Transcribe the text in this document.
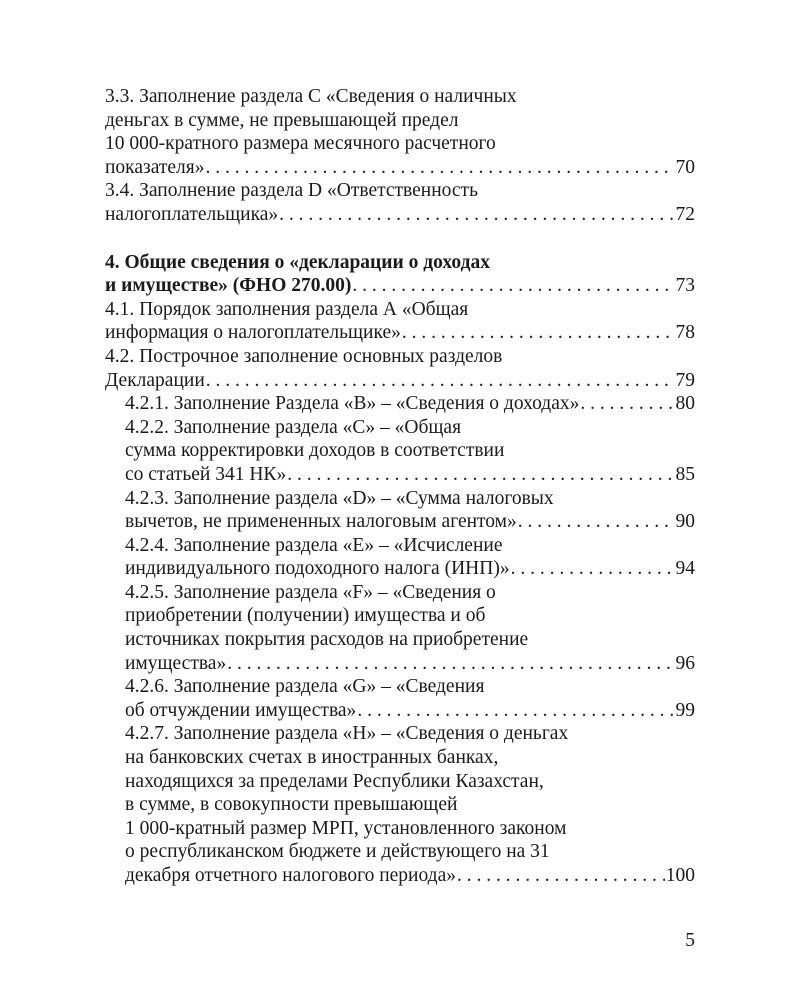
3.3. Заполнение раздела С «Сведения о наличных
деньгах в сумме, не превышающей предел
10 000-кратного размера месячного расчетного
показателя» . . .	70
3.4. Заполнение раздела D «Ответственность
налогоплательщика» . . .	72
4. Общие сведения о «декларации о доходах
и имуществе» (ФНО 270.00) . . .	73
4.1. Порядок заполнения раздела А «Общая
информация о налогоплательщике» . . .	78
4.2. Построчное заполнение основных разделов
Декларации . . .	79
4.2.1. Заполнение Раздела «В» – «Сведения о доходах» . . .	80
4.2.2. Заполнение раздела «С» – «Общая
сумма корректировки доходов в соответствии
со статьей 341 НК» . . .	85
4.2.3. Заполнение раздела «D» – «Сумма налоговых
вычетов, не примененных налоговым агентом» . . .	90
4.2.4. Заполнение раздела «Е» – «Исчисление
индивидуального подоходного налога (ИНП)» . . .	94
4.2.5. Заполнение раздела «F» – «Сведения о
приобретении (получении) имущества и об
источниках покрытия расходов на приобретение
имущества» . . .	96
4.2.6. Заполнение раздела «G» – «Сведения
об отчуждении имущества» . . .	99
4.2.7. Заполнение раздела «Н» – «Сведения о деньгах
на банковских счетах в иностранных банках,
находящихся за пределами Республики Казахстан,
в сумме, в совокупности превышающей
1 000-кратный размер МРП, установленного законом
о республиканском бюджете и действующего на 31
декабря отчетного налогового периода» . . .	100
5
